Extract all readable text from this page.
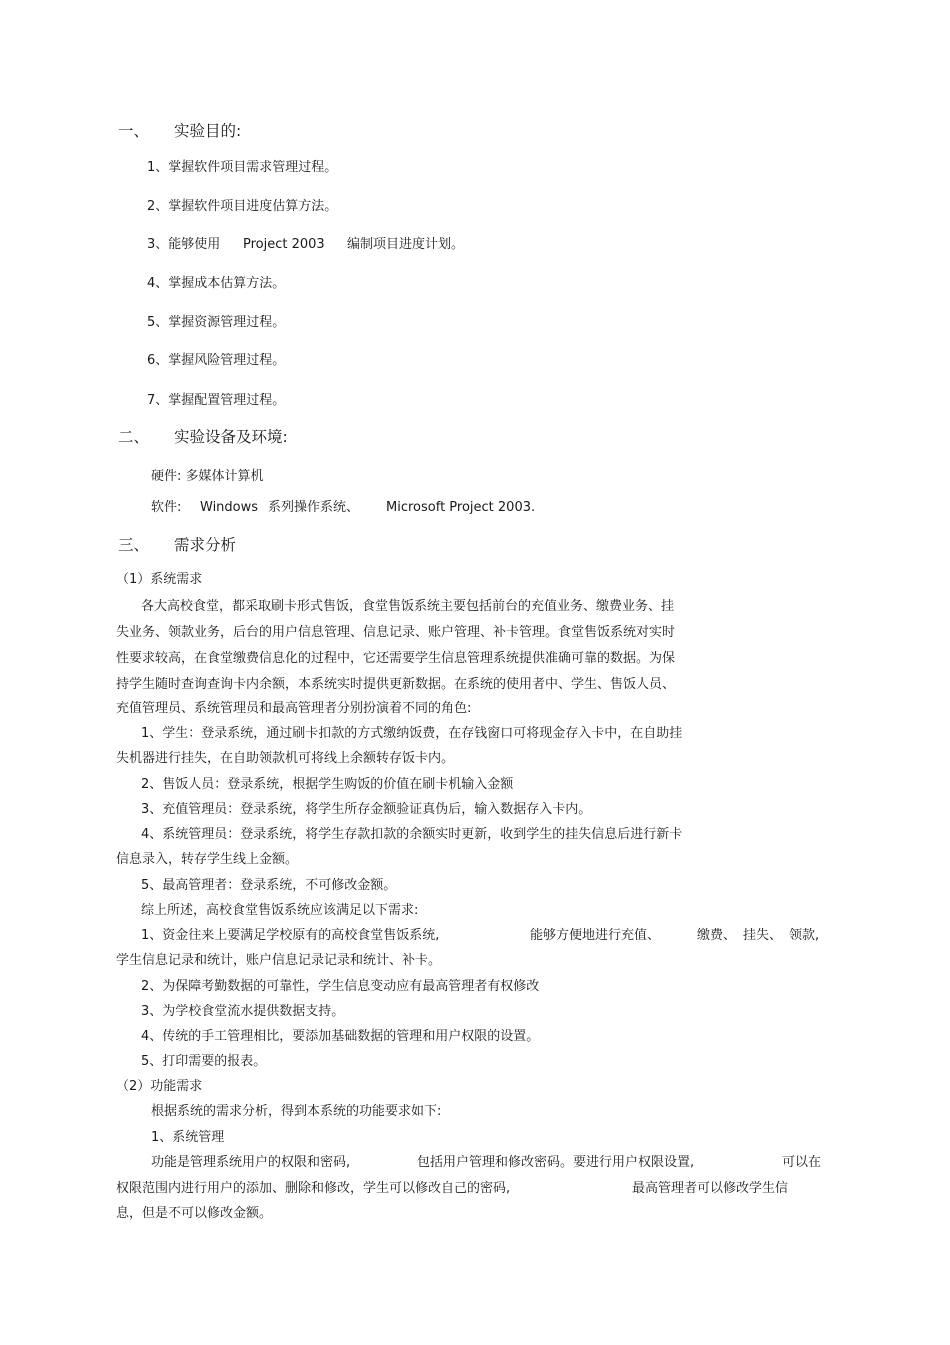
一、 实验目的:
1、掌握软件项目需求管理过程。
2、掌握软件项目进度估算方法。
3、能够使用 Project 2003 编制项目进度计划。
4、掌握成本估算方法。
5、掌握资源管理过程。
6、掌握风险管理过程。
7、掌握配置管理过程。
二、 实验设备及环境:
硬件: 多媒体计算机
软件: Windows 系列操作系统、 Microsoft Project 2003.
三、 需求分析
（1）系统需求
各大高校食堂，都采取刷卡形式售饭，食堂售饭系统主要包括前台的充值业务、缴费业务、挂
失业务、领款业务，后台的用户信息管理、信息记录、账户管理、补卡管理。食堂售饭系统对实时
性要求较高，在食堂缴费信息化的过程中，它还需要学生信息管理系统提供准确可靠的数据。为保
持学生随时查询查询卡内余额，本系统实时提供更新数据。在系统的使用者中、学生、售饭人员、
充值管理员、系统管理员和最高管理者分别扮演着不同的角色:
1、学生：登录系统，通过刷卡扣款的方式缴纳饭费，在存钱窗口可将现金存入卡中，在自助挂
失机器进行挂失，在自助领款机可将线上余额转存饭卡内。
2、售饭人员：登录系统，根据学生购饭的价值在刷卡机输入金额
3、充值管理员：登录系统，将学生所存金额验证真伪后，输入数据存入卡内。
4、系统管理员：登录系统，将学生存款扣款的余额实时更新，收到学生的挂失信息后进行新卡
信息录入，转存学生线上金额。
5、最高管理者：登录系统，不可修改金额。
综上所述，高校食堂售饭系统应该满足以下需求:
1、资金往来上要满足学校原有的高校食堂售饭系统,	能够方便地进行充值、	缴费、 挂失、 领款,
学生信息记录和统计，账户信息记录记录和统计、补卡。
2、为保障考勤数据的可靠性，学生信息变动应有最高管理者有权修改
3、为学校食堂流水提供数据支持。
4、传统的手工管理相比，要添加基础数据的管理和用户权限的设置。
5、打印需要的报表。
（2）功能需求
根据系统的需求分析，得到本系统的功能要求如下:
1、系统管理
功能是管理系统用户的权限和密码,	包括用户管理和修改密码。要进行用户权限设置,	可以在
权限范围内进行用户的添加、删除和修改，学生可以修改自己的密码,	最高管理者可以修改学生信
息，但是不可以修改金额。
